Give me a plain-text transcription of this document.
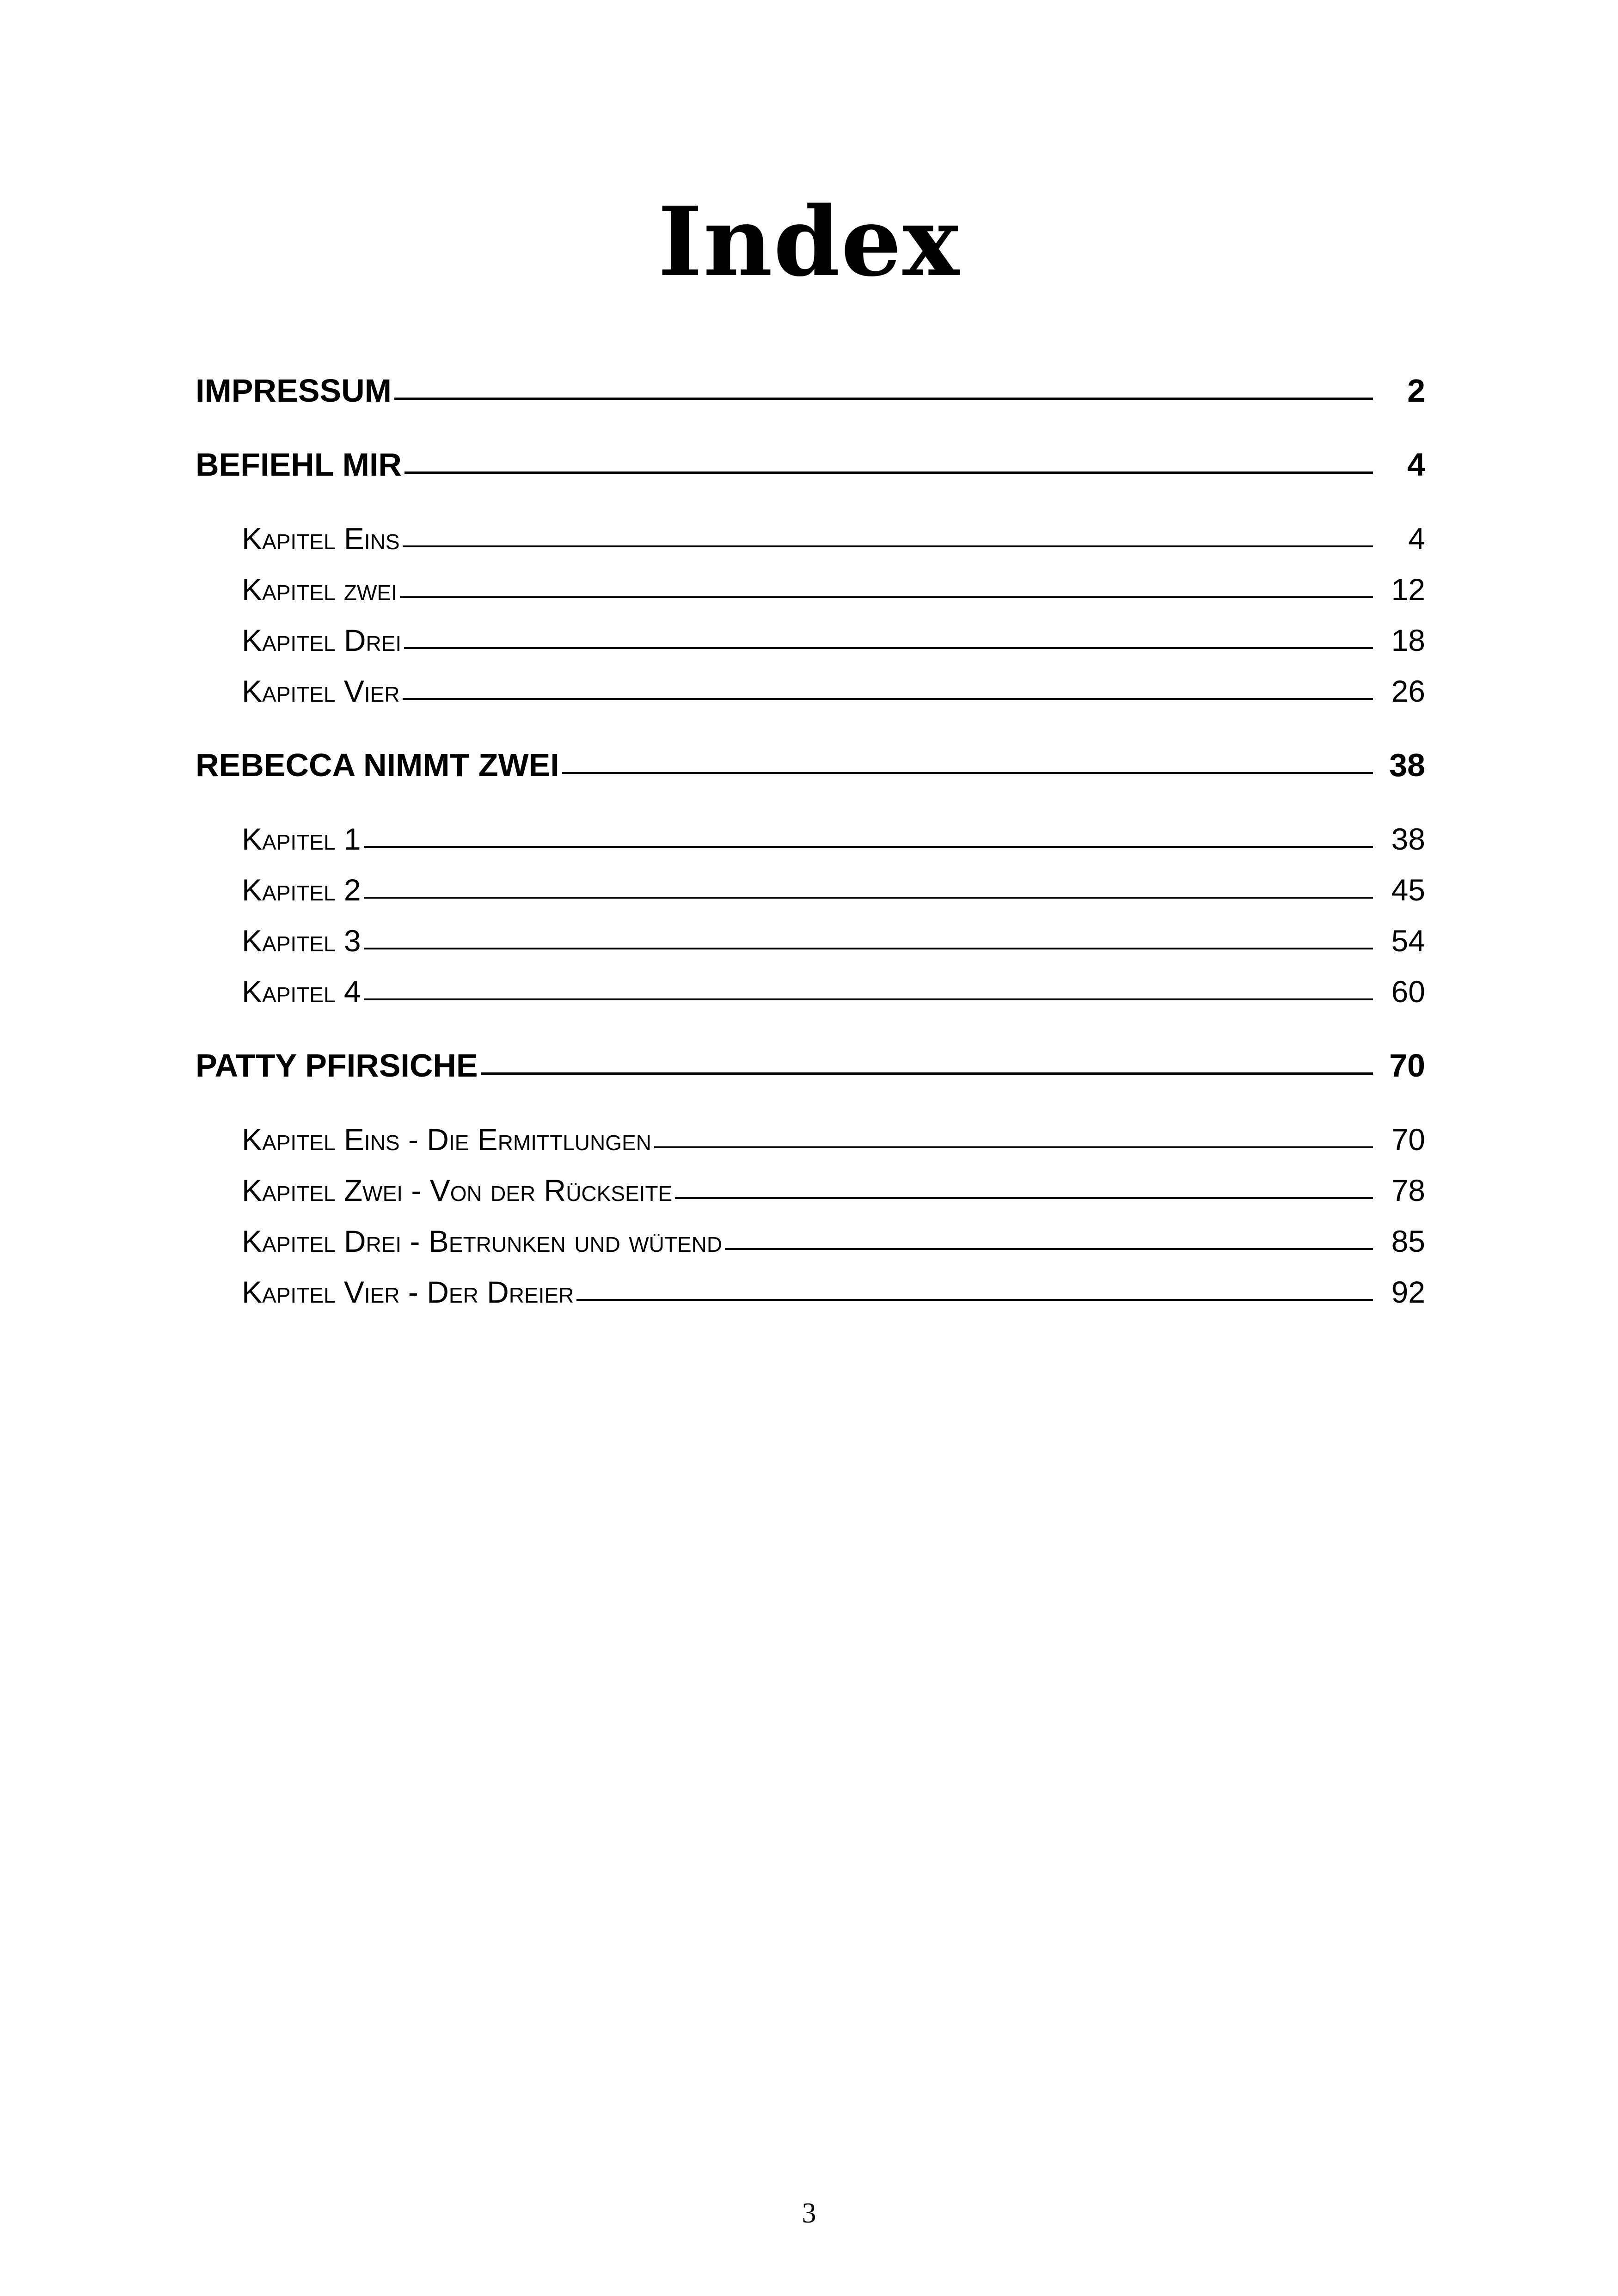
Index
IMPRESSUM	2
BEFIEHL MIR	4
Kapitel Eins	4
Kapitel zwei	12
Kapitel Drei	18
Kapitel Vier	26
REBECCA NIMMT ZWEI	38
Kapitel 1	38
Kapitel 2	45
Kapitel 3	54
Kapitel 4	60
PATTY PFIRSICHE	70
Kapitel Eins - Die Ermittlungen	70
Kapitel Zwei - Von der Rückseite	78
Kapitel Drei - Betrunken und wütend	85
Kapitel Vier - Der Dreier	92
3
